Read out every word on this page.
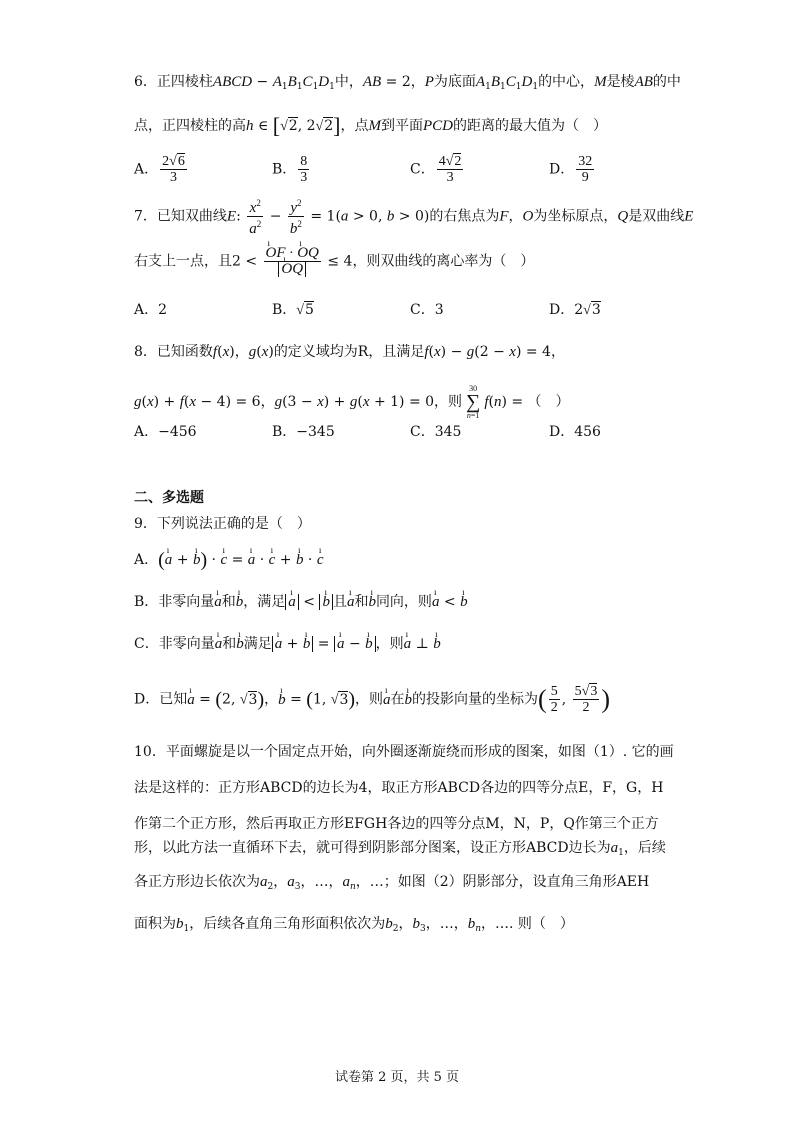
6．正四棱柱ABCD − $A_1B_1C_1D_1$中，AB = 2，P为底面$A_1B_1C_1D_1$的中心，M是棱AB的中
点，正四棱柱的高h ∈ [√2, 2√2]，点M到平面PCD的距离的最大值为（　）
A． $\frac{2√6}{3}$	B． $\frac{8}{3}$	C． $\frac{4√2}{3}$	D． $\frac{32}{9}$
7．已知双曲线E: $\frac{x^2}{a^2} - \frac{y^2}{b^2} = 1(a > 0$, b > 0)的右焦点为F，O为坐标原点，Q是双曲线E
右支上一点，且2 < ı OF · ı OQ
ı OQ ≤ 4，则双曲线的离心率为（　）
A．2	B．√5	C．3	D．2√3
8．已知函数f(x)，g(x)的定义域均为R，且满足f(x) − g(2 − x) = 4，
g(x) + f(x − 4) = 6，g(3 − x) + g(x + 1) = 0，则
30
∑
n=1
f(n) = （　）
A．−456	B．−345	C．345	D．456
二、多选题
9．下列说法正确的是（　）
A．(ı a + ı b) · ı c = ı a · ı c + ı b · ı c
B．非零向量ı a和ı b，满足 ı a < ı b 且ı a和ı b同向，则ı a < ı b
C．非零向量ı a和ı b满足 ı a + ı b = ı a − ı b ，则ı a ⊥ ı b
D．已知ı a = (2, √3)，ı b = (1, √3)，则ı a在ı b的投影向量的坐标为( $\frac{5}{2}$ , $\frac{5√3}{2}$ )
10．平面螺旋是以一个固定点开始，向外圈逐渐旋绕而形成的图案，如图（1）. 它的画
法是这样的：正方形ABCD的边长为4，取正方形ABCD各边的四等分点E，F，G，H
作第二个正方形，然后再取正方形EFGH各边的四等分点M，N，P，Q作第三个正方
形，以此方法一直循环下去，就可得到阴影部分图案，设正方形ABCD边长为$a_1$，后续
各正方形边长依次为$a_2$，$a_3$，…，$a_n$，…；如图（2）阴影部分，设直角三角形AEH
面积为$b_1$，后续各直角三角形面积依次为$b_2$，$b_3$，…，$b_n$，…. 则（　）
试卷第 2 页，共 5 页
